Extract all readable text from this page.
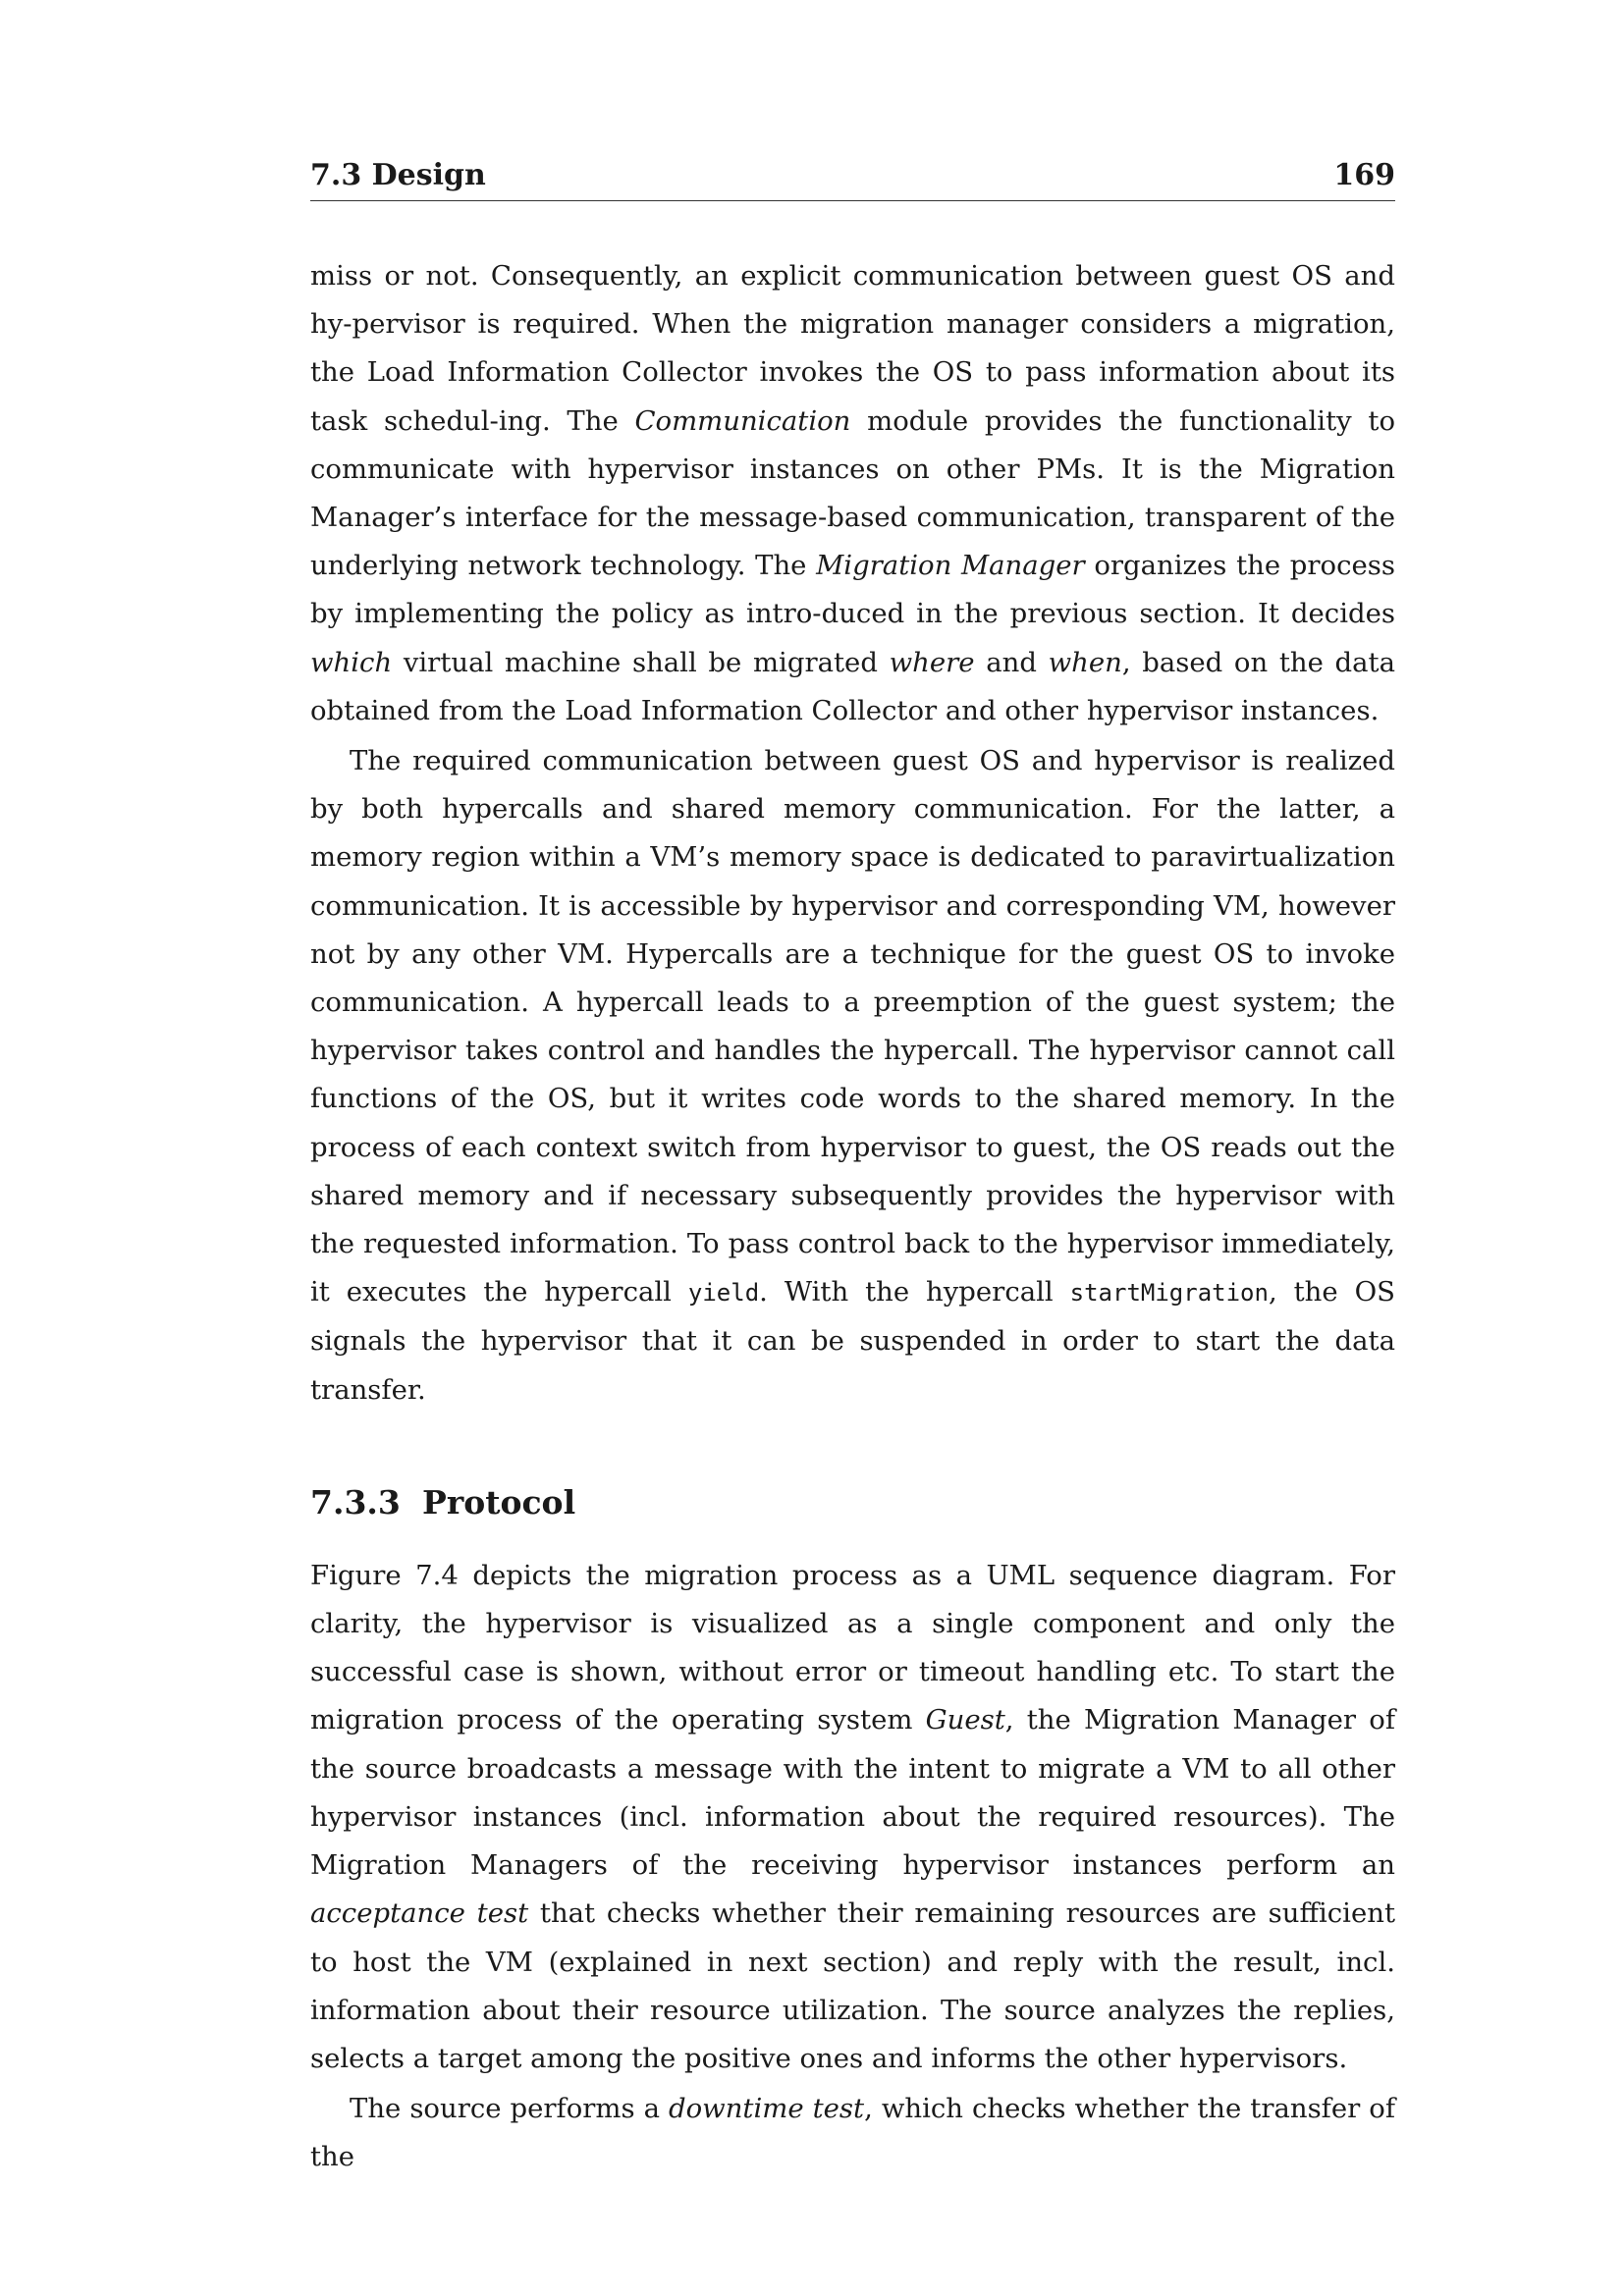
7.3 Design	169

miss or not. Consequently, an explicit communication between guest OS and hy-pervisor is required. When the migration manager considers a migration, the Load Information Collector invokes the OS to pass information about its task schedul-ing. The Communication module provides the functionality to communicate with hypervisor instances on other PMs. It is the Migration Manager’s interface for the message-based communication, transparent of the underlying network technology. The Migration Manager organizes the process by implementing the policy as intro-duced in the previous section. It decides which virtual machine shall be migrated where and when, based on the data obtained from the Load Information Collector and other hypervisor instances.

The required communication between guest OS and hypervisor is realized by both hypercalls and shared memory communication. For the latter, a memory region within a VM’s memory space is dedicated to paravirtualization communication. It is accessible by hypervisor and corresponding VM, however not by any other VM. Hypercalls are a technique for the guest OS to invoke communication. A hypercall leads to a preemption of the guest system; the hypervisor takes control and handles the hypercall. The hypervisor cannot call functions of the OS, but it writes code words to the shared memory. In the process of each context switch from hypervisor to guest, the OS reads out the shared memory and if necessary subsequently provides the hypervisor with the requested information. To pass control back to the hypervisor immediately, it executes the hypercall yield. With the hypercall startMigration, the OS signals the hypervisor that it can be suspended in order to start the data transfer.

7.3.3 Protocol

Figure 7.4 depicts the migration process as a UML sequence diagram. For clarity, the hypervisor is visualized as a single component and only the successful case is shown, without error or timeout handling etc. To start the migration process of the operating system Guest, the Migration Manager of the source broadcasts a message with the intent to migrate a VM to all other hypervisor instances (incl. information about the required resources). The Migration Managers of the receiving hypervisor instances perform an acceptance test that checks whether their remaining resources are sufficient to host the VM (explained in next section) and reply with the result, incl. information about their resource utilization. The source analyzes the replies, selects a target among the positive ones and informs the other hypervisors.

The source performs a downtime test, which checks whether the transfer of the
